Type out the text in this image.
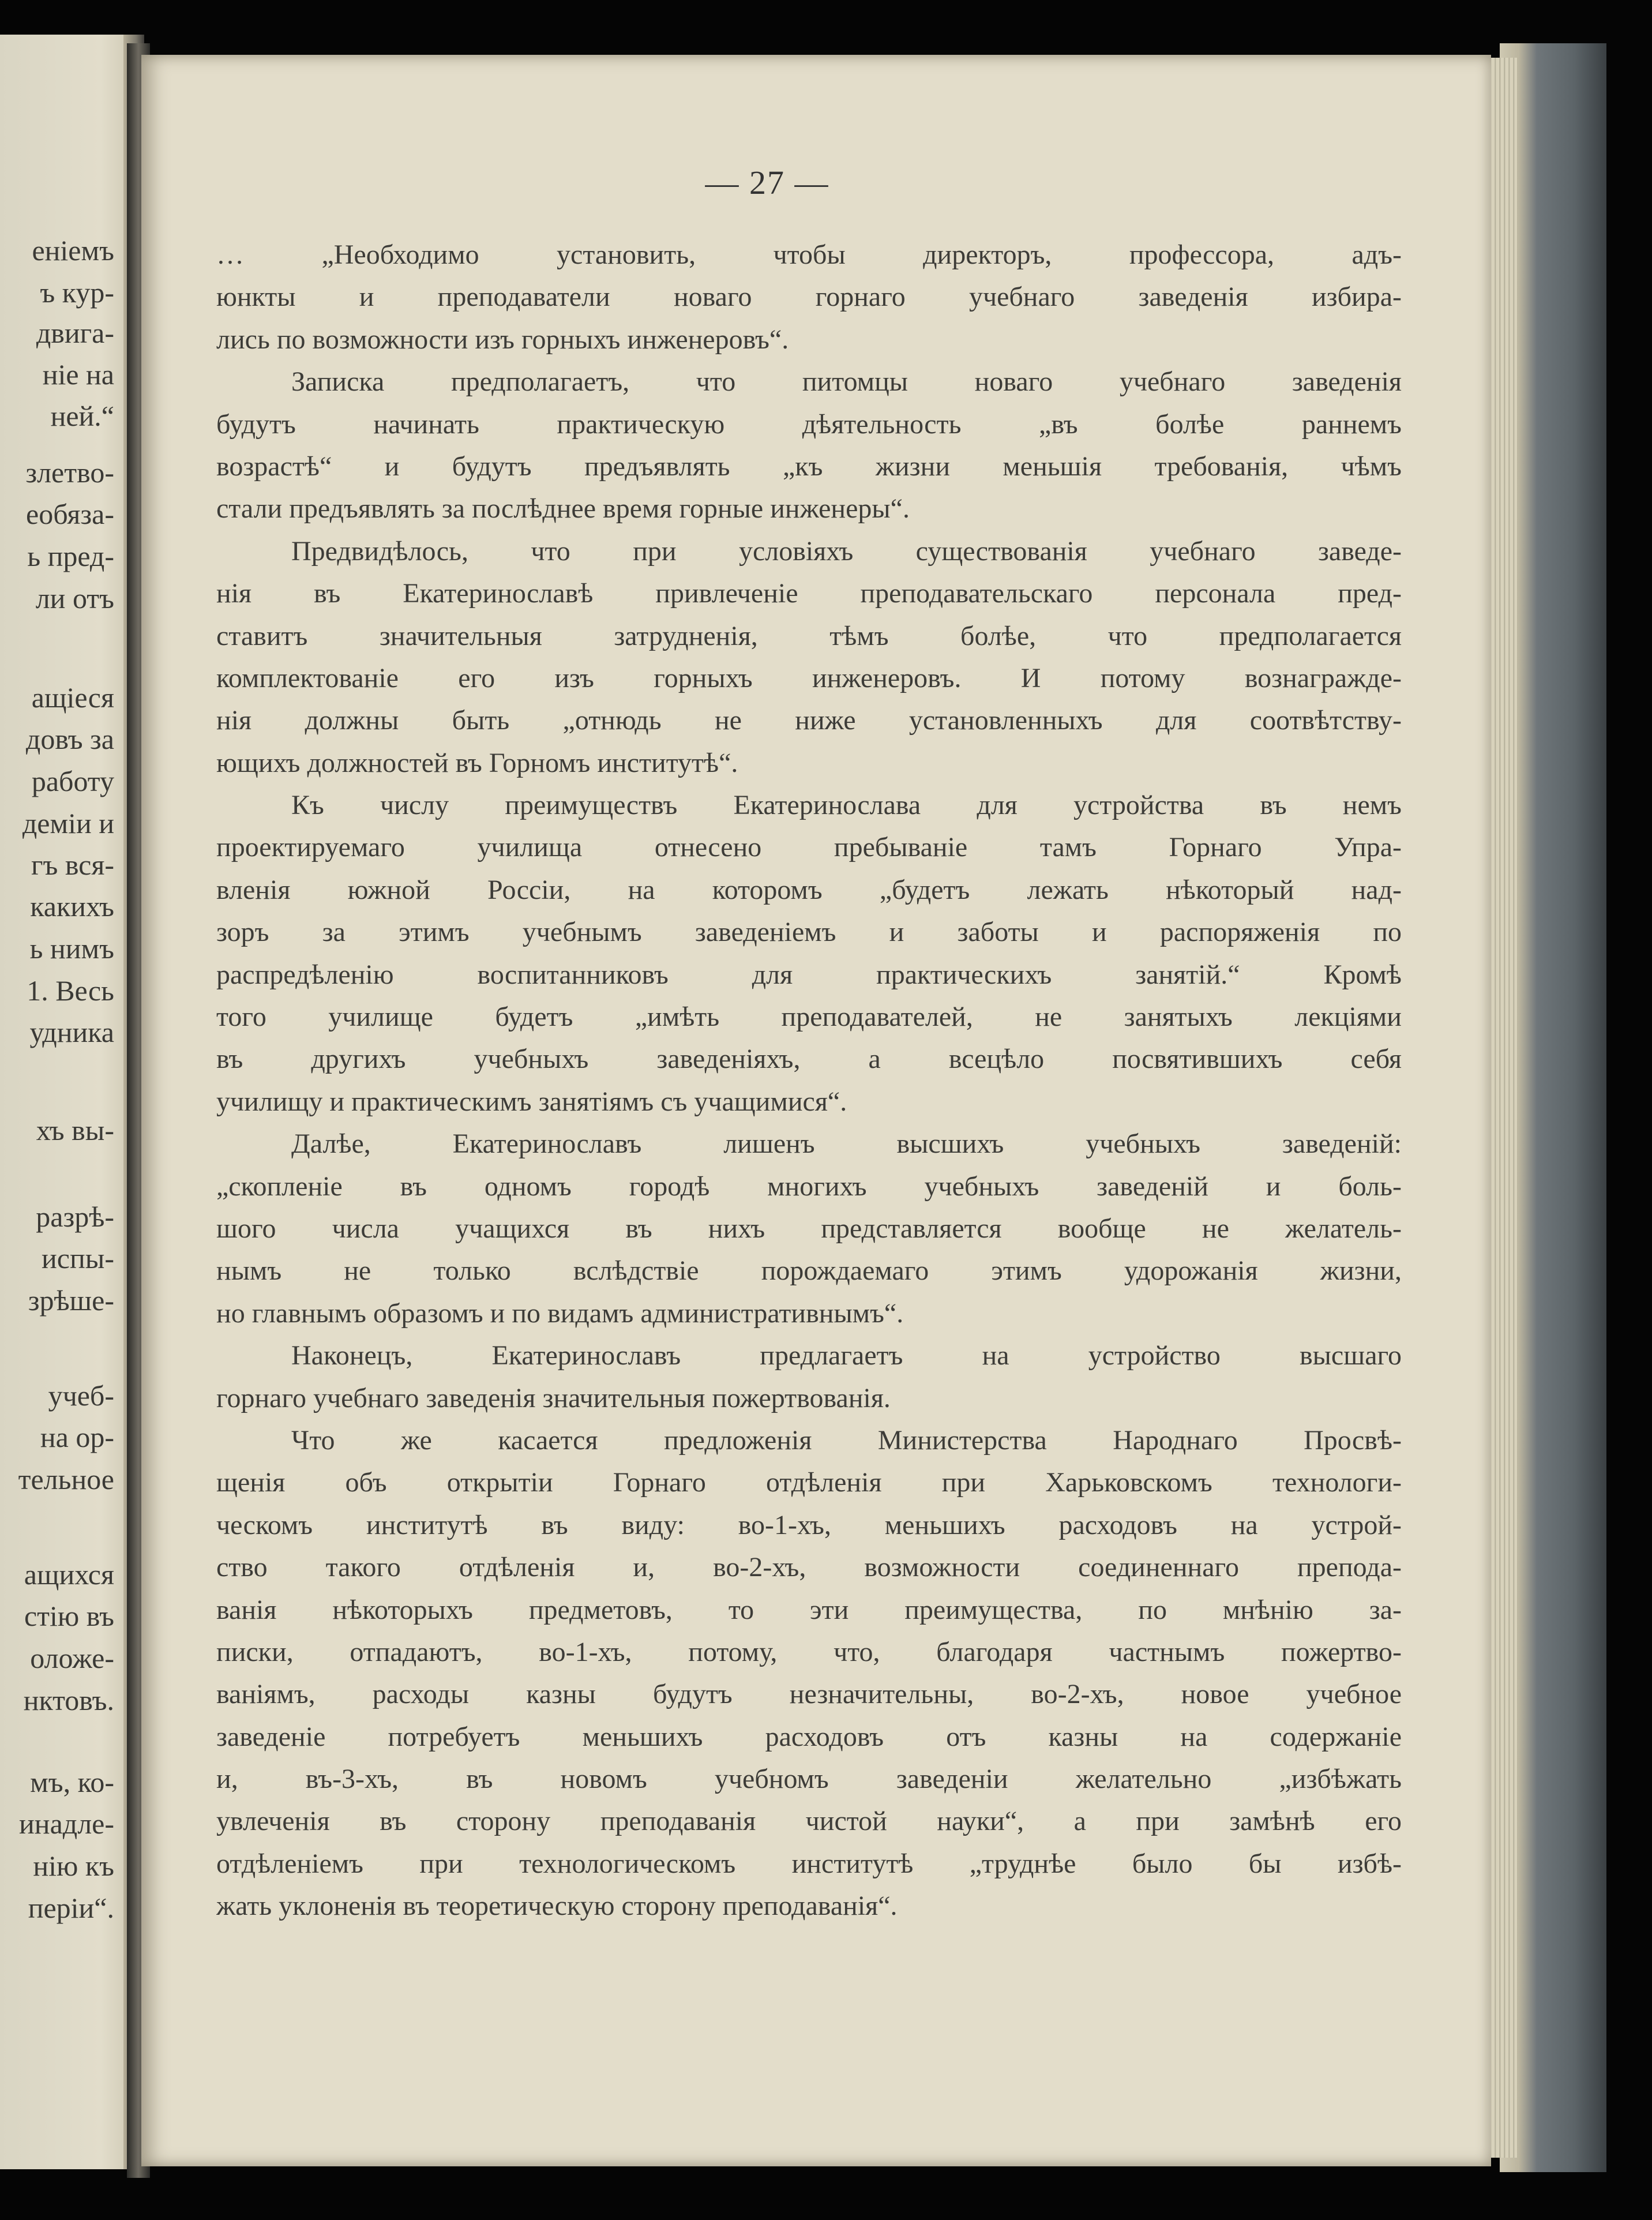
еніемъ
ъ кур-
двига-
ніе на
ней.“
злетво-
еобяза-
ь пред-
ли отъ
ащіеся
довъ за
работу
деміи и
гъ вся-
какихъ
ь нимъ
1. Весь
удника
хъ вы-
разрѣ-
испы-
зрѣше-
учеб-
на ор-
тельное
ащихся
стію въ
оложе-
нктовъ.
мъ, ко-
инадле-
нію къ
періи“.
— 27 —
… „Необходимо установить, чтобы директоръ, профессора, адъ-
юнкты и преподаватели новаго горнаго учебнаго заведенія избира-
лись по возможности изъ горныхъ инженеровъ“.
Записка предполагаетъ, что питомцы новаго учебнаго заведенія
будутъ начинать практическую дѣятельность „въ болѣе раннемъ
возрастѣ“ и будутъ предъявлять „къ жизни меньшія требованія, чѣмъ
стали предъявлять за послѣднее время горные инженеры“.
Предвидѣлось, что при условіяхъ существованія учебнаго заведе-
нія въ Екатеринославѣ привлеченіе преподавательскаго персонала пред-
ставитъ значительныя затрудненія, тѣмъ болѣе, что предполагается
комплектованіе его изъ горныхъ инженеровъ. И потому вознагражде-
нія должны быть „отнюдь не ниже установленныхъ для соотвѣтству-
ющихъ должностей въ Горномъ институтѣ“.
Къ числу преимуществъ Екатеринослава для устройства въ немъ
проектируемаго училища отнесено пребываніе тамъ Горнаго Упра-
вленія южной Россіи, на которомъ „будетъ лежать нѣкоторый над-
зоръ за этимъ учебнымъ заведеніемъ и заботы и распоряженія по
распредѣленію воспитанниковъ для практическихъ занятій.“ Кромѣ
того училище будетъ „имѣть преподавателей, не занятыхъ лекціями
въ другихъ учебныхъ заведеніяхъ, а всецѣло посвятившихъ себя
училищу и практическимъ занятіямъ съ учащимися“.
Далѣе, Екатеринославъ лишенъ высшихъ учебныхъ заведеній:
„скопленіе въ одномъ городѣ многихъ учебныхъ заведеній и боль-
шого числа учащихся въ нихъ представляется вообще не желатель-
нымъ не только вслѣдствіе порождаемаго этимъ удорожанія жизни,
но главнымъ образомъ и по видамъ административнымъ“.
Наконецъ, Екатеринославъ предлагаетъ на устройство высшаго
горнаго учебнаго заведенія значительныя пожертвованія.
Что же касается предложенія Министерства Народнаго Просвѣ-
щенія объ открытіи Горнаго отдѣленія при Харьковскомъ технологи-
ческомъ институтѣ въ виду: во-1-хъ, меньшихъ расходовъ на устрой-
ство такого отдѣленія и, во-2-хъ, возможности соединеннаго препода-
ванія нѣкоторыхъ предметовъ, то эти преимущества, по мнѣнію за-
писки, отпадаютъ, во-1-хъ, потому, что, благодаря частнымъ пожертво-
ваніямъ, расходы казны будутъ незначительны, во-2-хъ, новое учебное
заведеніе потребуетъ меньшихъ расходовъ отъ казны на содержаніе
и, въ-3-хъ, въ новомъ учебномъ заведеніи желательно „избѣжать
увлеченія въ сторону преподаванія чистой науки“, а при замѣнѣ его
отдѣленіемъ при технологическомъ институтѣ „труднѣе было бы избѣ-
жать уклоненія въ теоретическую сторону преподаванія“.
